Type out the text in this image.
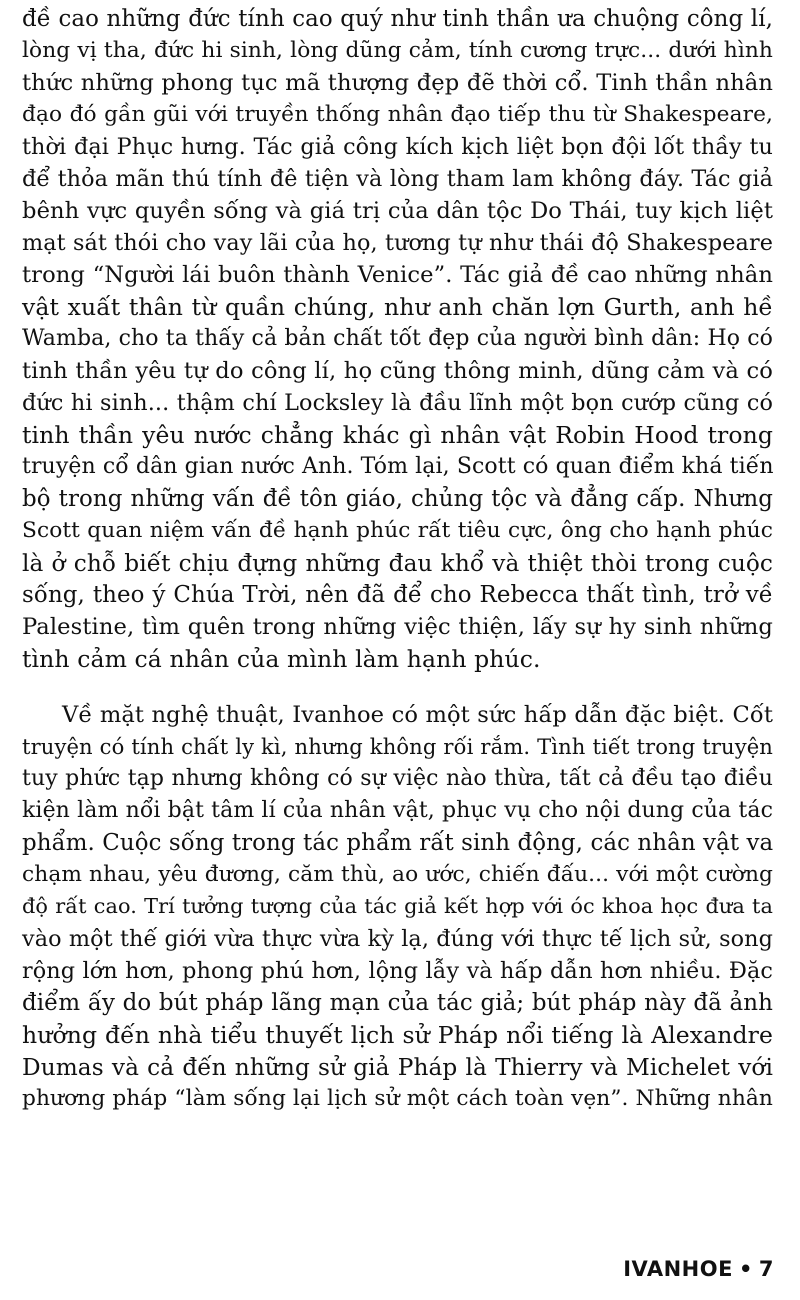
đề cao những đức tính cao quý như tinh thần ưa chuộng công lí,
lòng vị tha, đức hi sinh, lòng dũng cảm, tính cương trực... dưới hình
thức những phong tục mã thượng đẹp đẽ thời cổ. Tinh thần nhân
đạo đó gần gũi với truyền thống nhân đạo tiếp thu từ Shakespeare,
thời đại Phục hưng. Tác giả công kích kịch liệt bọn đội lốt thầy tu
để thỏa mãn thú tính đê tiện và lòng tham lam không đáy. Tác giả
bênh vực quyền sống và giá trị của dân tộc Do Thái, tuy kịch liệt
mạt sát thói cho vay lãi của họ, tương tự như thái độ Shakespeare
trong “Người lái buôn thành Venice”. Tác giả đề cao những nhân
vật xuất thân từ quần chúng, như anh chăn lợn Gurth, anh hề
Wamba, cho ta thấy cả bản chất tốt đẹp của người bình dân: Họ có
tinh thần yêu tự do công lí, họ cũng thông minh, dũng cảm và có
đức hi sinh... thậm chí Locksley là đầu lĩnh một bọn cướp cũng có
tinh thần yêu nước chẳng khác gì nhân vật Robin Hood trong
truyện cổ dân gian nước Anh. Tóm lại, Scott có quan điểm khá tiến
bộ trong những vấn đề tôn giáo, chủng tộc và đẳng cấp. Nhưng
Scott quan niệm vấn đề hạnh phúc rất tiêu cực, ông cho hạnh phúc
là ở chỗ biết chịu đựng những đau khổ và thiệt thòi trong cuộc
sống, theo ý Chúa Trời, nên đã để cho Rebecca thất tình, trở về
Palestine, tìm quên trong những việc thiện, lấy sự hy sinh những
tình cảm cá nhân của mình làm hạnh phúc.
Về mặt nghệ thuật, Ivanhoe có một sức hấp dẫn đặc biệt. Cốt
truyện có tính chất ly kì, nhưng không rối rắm. Tình tiết trong truyện
tuy phức tạp nhưng không có sự việc nào thừa, tất cả đều tạo điều
kiện làm nổi bật tâm lí của nhân vật, phục vụ cho nội dung của tác
phẩm. Cuộc sống trong tác phẩm rất sinh động, các nhân vật va
chạm nhau, yêu đương, căm thù, ao ước, chiến đấu... với một cường
độ rất cao. Trí tưởng tượng của tác giả kết hợp với óc khoa học đưa ta
vào một thế giới vừa thực vừa kỳ lạ, đúng với thực tế lịch sử, song
rộng lớn hơn, phong phú hơn, lộng lẫy và hấp dẫn hơn nhiều. Đặc
điểm ấy do bút pháp lãng mạn của tác giả; bút pháp này đã ảnh
hưởng đến nhà tiểu thuyết lịch sử Pháp nổi tiếng là Alexandre
Dumas và cả đến những sử giả Pháp là Thierry và Michelet với
phương pháp “làm sống lại lịch sử một cách toàn vẹn”. Những nhân
IVANHOE • 7
